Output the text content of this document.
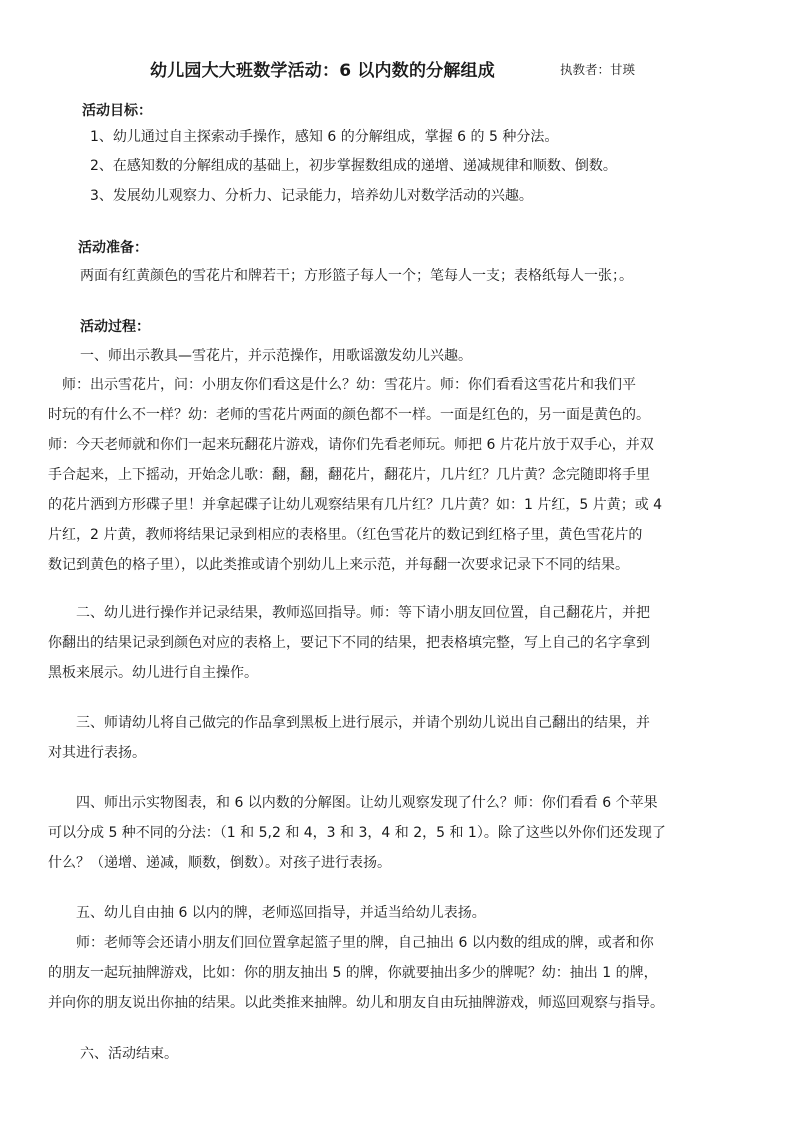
幼儿园大大班数学活动：6 以内数的分解组成	执教者：甘瑛
活动目标：
1、幼儿通过自主探索动手操作，感知 6 的分解组成，掌握 6 的 5 种分法。
2、在感知数的分解组成的基础上，初步掌握数组成的递增、递减规律和顺数、倒数。
3、发展幼儿观察力、分析力、记录能力，培养幼儿对数学活动的兴趣。
活动准备：
两面有红黄颜色的雪花片和牌若干；方形篮子每人一个；笔每人一支；表格纸每人一张；。
活动过程：
一、师出示教具—雪花片，并示范操作，用歌谣激发幼儿兴趣。
　师：出示雪花片，问：小朋友你们看这是什么？幼：雪花片。师：你们看看这雪花片和我们平
时玩的有什么不一样？幼：老师的雪花片两面的颜色都不一样。一面是红色的，另一面是黄色的。
师：今天老师就和你们一起来玩翻花片游戏，请你们先看老师玩。师把 6 片花片放于双手心，并双
手合起来，上下摇动，开始念儿歌：翻，翻，翻花片，翻花片，几片红？几片黄？念完随即将手里
的花片洒到方形碟子里！并拿起碟子让幼儿观察结果有几片红？几片黄？如：1 片红，5 片黄；或 4
片红，2 片黄，教师将结果记录到相应的表格里。（红色雪花片的数记到红格子里，黄色雪花片的
数记到黄色的格子里），以此类推或请个别幼儿上来示范，并每翻一次要求记录下不同的结果。
　　二、幼儿进行操作并记录结果，教师巡回指导。师：等下请小朋友回位置，自己翻花片，并把
你翻出的结果记录到颜色对应的表格上，要记下不同的结果，把表格填完整，写上自己的名字拿到
黑板来展示。幼儿进行自主操作。
　　三、师请幼儿将自己做完的作品拿到黑板上进行展示，并请个别幼儿说出自己翻出的结果，并
对其进行表扬。
　　四、师出示实物图表，和 6 以内数的分解图。让幼儿观察发现了什么？师：你们看看 6 个苹果
可以分成 5 种不同的分法：（1 和 5,2 和 4，3 和 3，4 和 2，5 和 1）。除了这些以外你们还发现了
什么？（递增、递减，顺数，倒数）。对孩子进行表扬。
　　五、幼儿自由抽 6 以内的牌，老师巡回指导，并适当给幼儿表扬。
　　师：老师等会还请小朋友们回位置拿起篮子里的牌，自己抽出 6 以内数的组成的牌，或者和你
的朋友一起玩抽牌游戏，比如：你的朋友抽出 5 的牌，你就要抽出多少的牌呢？幼：抽出 1 的牌，
并向你的朋友说出你抽的结果。以此类推来抽牌。幼儿和朋友自由玩抽牌游戏，师巡回观察与指导。
六、活动结束。
